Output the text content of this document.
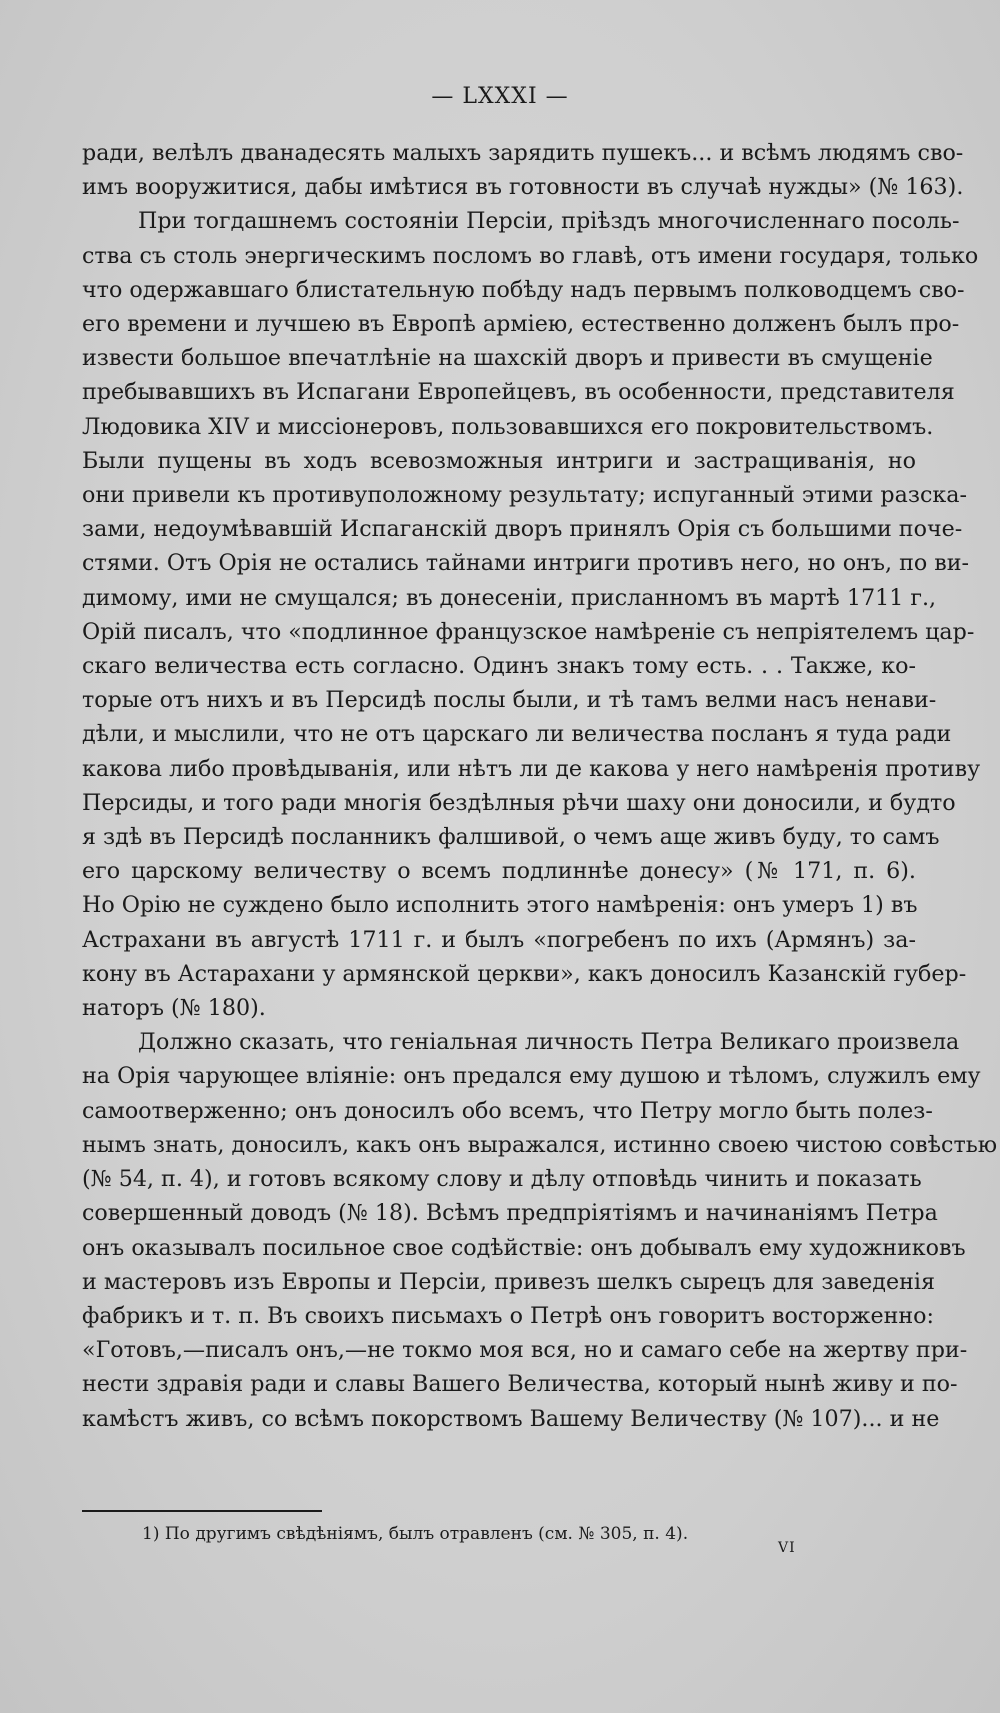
— LXXXI —
ради, велѣлъ дванадесять малыхъ зарядить пушекъ... и всѣмъ людямъ сво-
имъ вооружитися, дабы имѣтися въ готовности въ случаѣ нужды» (№ 163).
При тогдашнемъ состоянiи Персiи, прiѣздъ многочисленнаго посоль-
ства съ столь энергическимъ посломъ во главѣ, отъ имени государя, только
что одержавшаго блистательную побѣду надъ первымъ полководцемъ сво-
его времени и лучшею въ Европѣ армiею, естественно долженъ былъ про-
извести большое впечатлѣнiе на шахскiй дворъ и привести въ смущенiе
пребывавшихъ въ Испагани Европейцевъ, въ особенности, представителя
Людовика XIV и миссiонеровъ, пользовавшихся его покровительствомъ.
Были пущены въ ходъ всевозможныя интриги и застращиванiя, но
они привели къ противуположному результату; испуганный этими разска-
зами, недоумѣвавшiй Испаганскiй дворъ принялъ Орiя съ большими поче-
стями. Отъ Орiя не остались тайнами интриги противъ него, но онъ, по ви-
димому, ими не смущался; въ донесенiи, присланномъ въ мартѣ 1711 г.,
Орiй писалъ, что «подлинное французское намѣренiе съ непрiятелемъ цар-
скаго величества есть согласно. Одинъ знакъ тому есть. . . Также, ко-
торые отъ нихъ и въ Персидѣ послы были, и тѣ тамъ велми насъ ненави-
дѣли, и мыслили, что не отъ царскаго ли величества посланъ я туда ради
какова либо провѣдыванiя, или нѣтъ ли де какова у него намѣренiя противу
Персиды, и того ради многiя бездѣлныя рѣчи шаху они доносили, и будто
я здѣ въ Персидѣ посланникъ фалшивой, о чемъ аще живъ буду, то самъ
его царскому величеству о всемъ подлиннѣе донесу» (№ 171, п. 6).
Но Орiю не суждено было исполнить этого намѣренiя: онъ умеръ 1) въ
Астрахани въ августѣ 1711 г. и былъ «погребенъ по ихъ (Армянъ) за-
кону въ Астарахани у армянской церкви», какъ доносилъ Казанскiй губер-
наторъ (№ 180).
Должно сказать, что генiальная личность Петра Великаго произвела
на Орiя чарующее влiянiе: онъ предался ему душою и тѣломъ, служилъ ему
самоотверженно; онъ доносилъ обо всемъ, что Петру могло быть полез-
нымъ знать, доносилъ, какъ онъ выражался, истинно своею чистою совѣстью
(№ 54, п. 4), и готовъ всякому слову и дѣлу отповѣдь чинить и показать
совершенный доводъ (№ 18). Всѣмъ предпрiятiямъ и начинанiямъ Петра
онъ оказывалъ посильное свое содѣйствiе: онъ добывалъ ему художниковъ
и мастеровъ изъ Европы и Персiи, привезъ шелкъ сырецъ для заведенiя
фабрикъ и т. п. Въ своихъ письмахъ о Петрѣ онъ говоритъ восторженно:
«Готовъ,—писалъ онъ,—не токмо моя вся, но и самаго себе на жертву при-
нести здравiя ради и славы Вашего Величества, который нынѣ живу и по-
камѣстъ живъ, со всѣмъ покорствомъ Вашему Величеству (№ 107)... и не
1) По другимъ свѣдѣнiямъ, былъ отравленъ (см. № 305, п. 4).
VI
